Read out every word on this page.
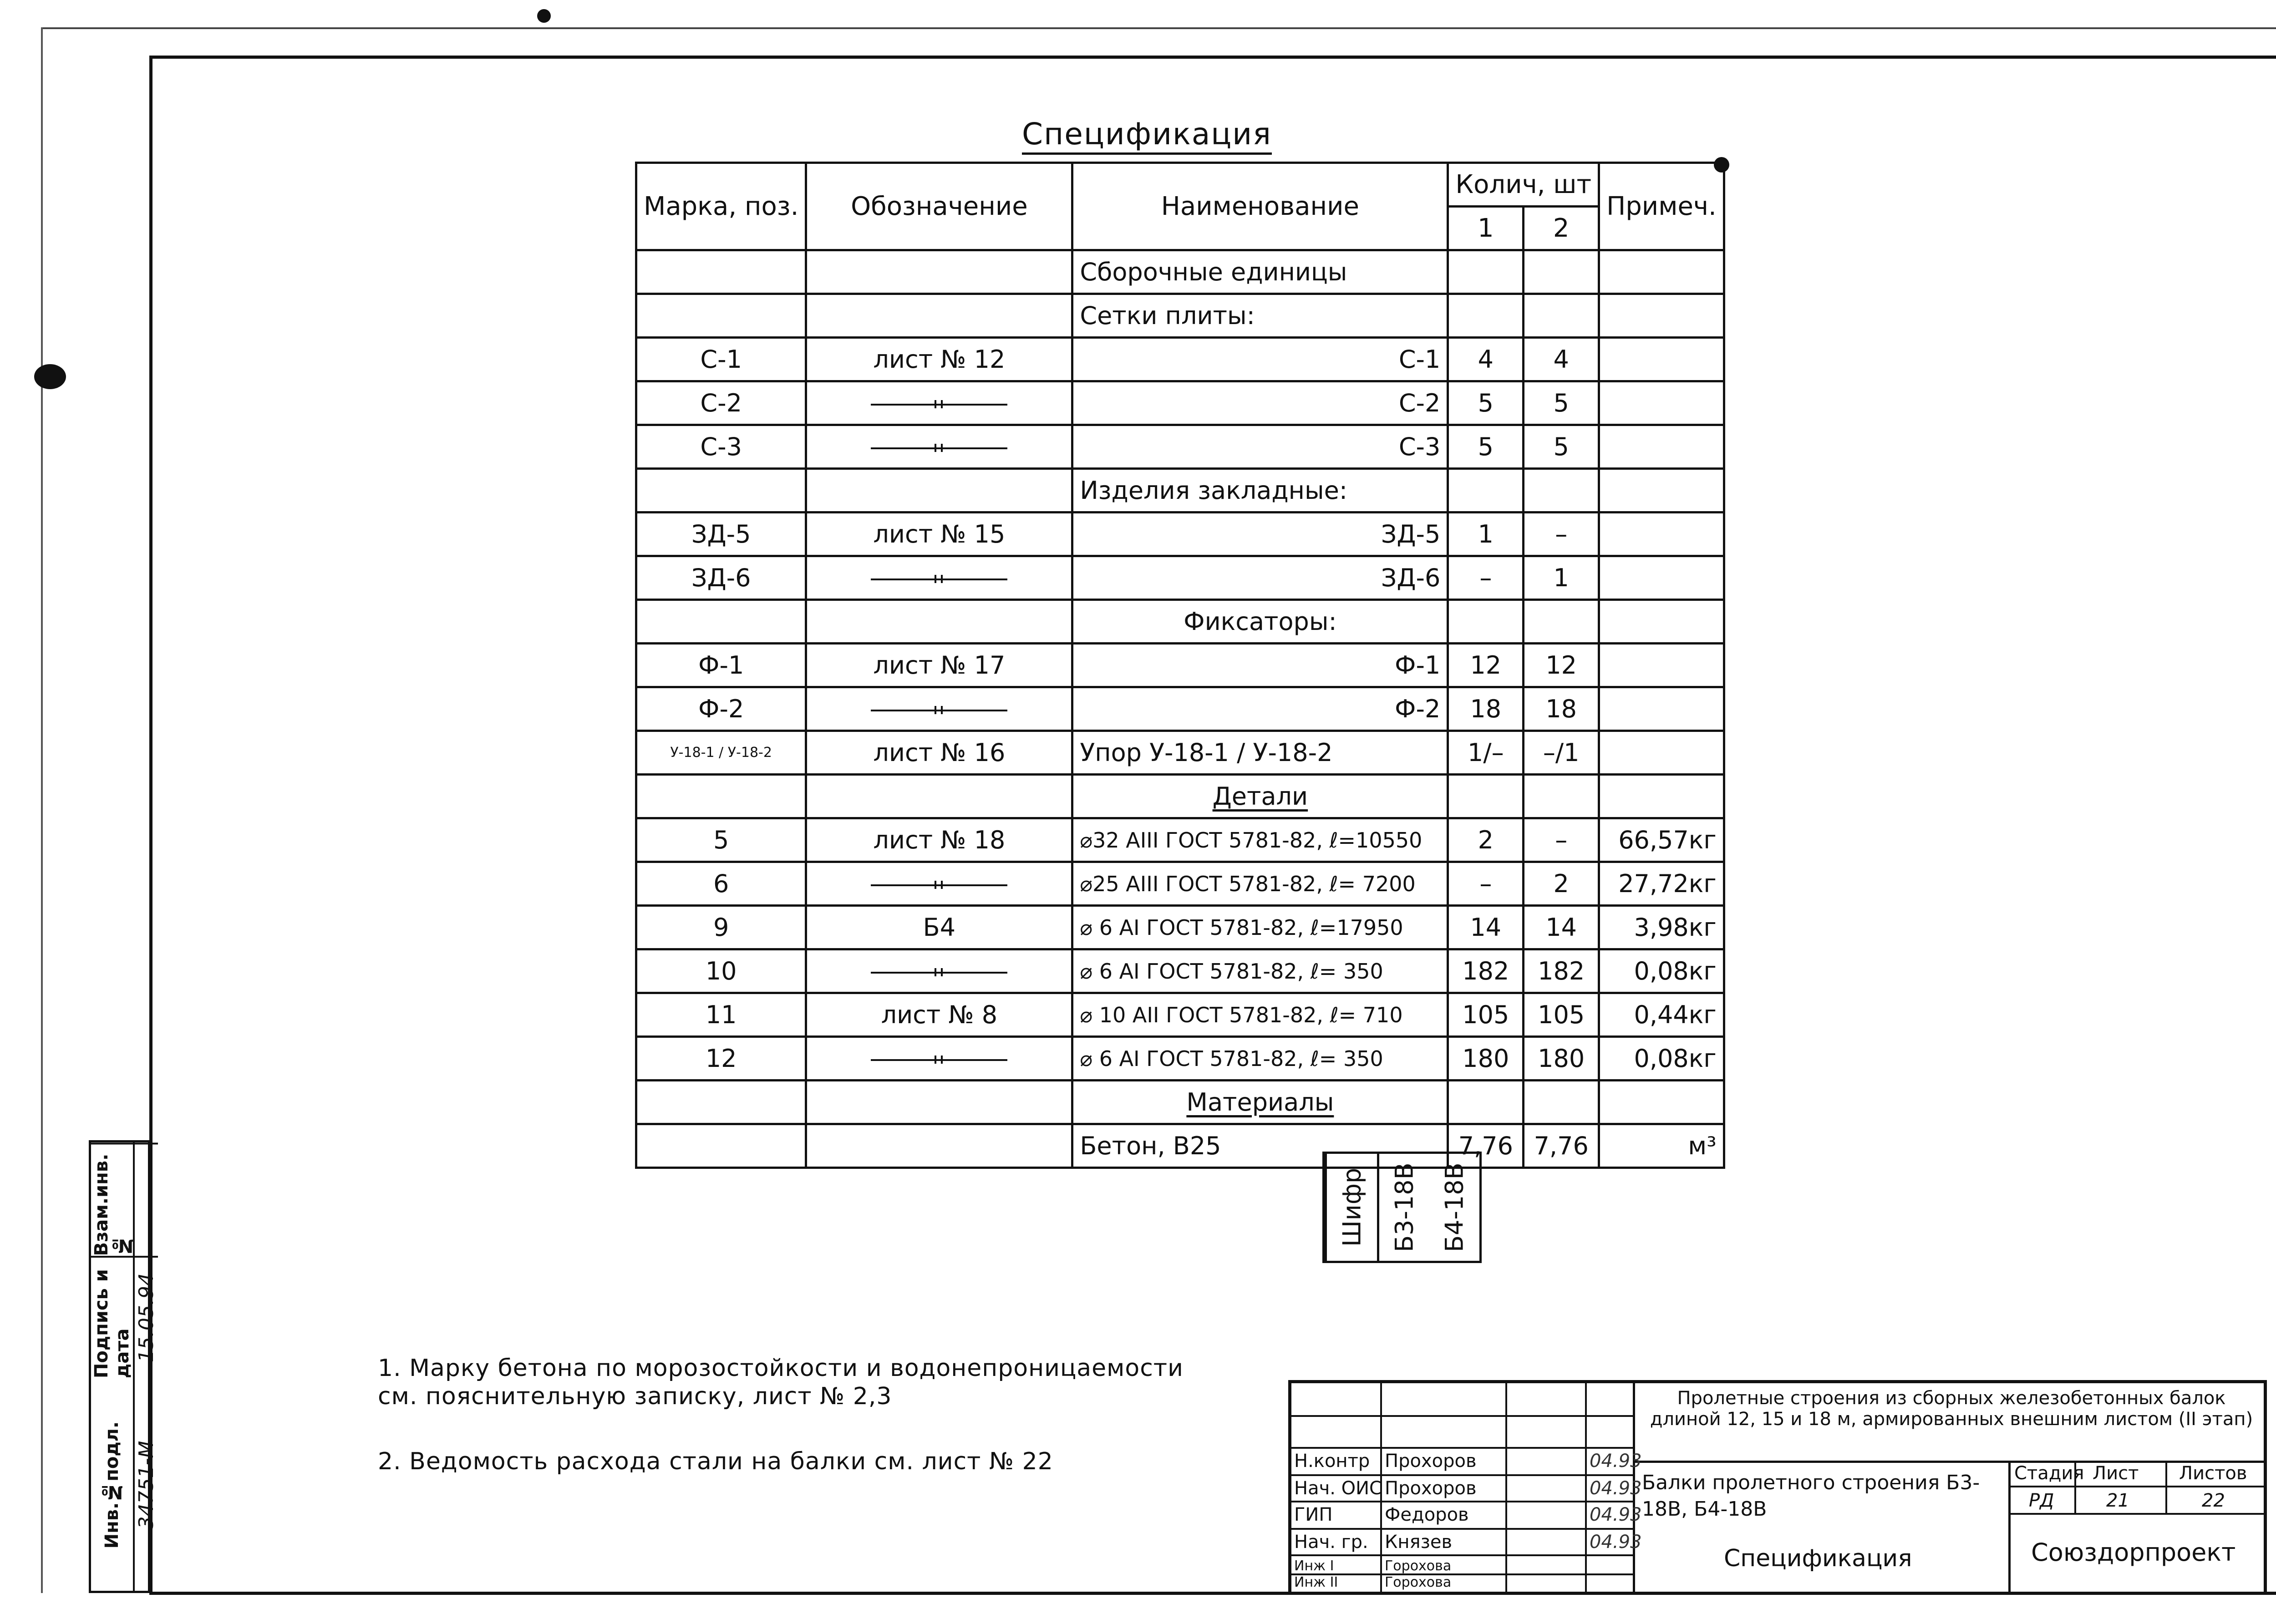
Спецификация
Марка, поз.	Обозначение	Наименование	Колич, шт		Примеч.
			1	2	
		Сборочные единицы			
		Сетки плиты:			
С-1	лист № 12	С-1	4	4	
С-2		С-2	5	5	
С-3		С-3	5	5	
		Изделия закладные:			
ЗД-5	лист № 15	ЗД-5	1	–	
ЗД-6		ЗД-6	–	1	
		Фиксаторы:			
Ф-1	лист № 17	Ф-1	12	12	
Ф-2		Ф-2	18	18	
У-18-1 / У-18-2	лист № 16	Упор У-18-1 / У-18-2	1/–	–/1	
		Детали			
5	лист № 18	⌀32 АIII ГОСТ 5781-82, ℓ=10550	2	–	66,57кг
6		⌀25 АIII ГОСТ 5781-82, ℓ= 7200	–	2	27,72кг
9	Б4	⌀ 6 АI ГОСТ 5781-82, ℓ=17950	14	14	3,98кг
10		⌀ 6 АI ГОСТ 5781-82, ℓ= 350	182	182	0,08кг
11	лист № 8	⌀ 10 АII ГОСТ 5781-82, ℓ= 710	105	105	0,44кг
12		⌀ 6 АI ГОСТ 5781-82, ℓ= 350	180	180	0,08кг
		Материалы			
		Бетон, В25	7,76	7,76	м³
Шифр Б3-18В Б4-18В
1. Марку бетона по морозостойкости и водонепроницаемости см. пояснительную записку, лист № 2,3
2. Ведомость расхода стали на балки см. лист № 22
Взам.инв.№
Подпись и дата
Инв.№подл.
15.05.94
34751-М	Н.контр Прохоров	04.93
Нач. ОИС Прохоров	04.93
ГИП	Федоров	04.93
Нач. гр. Князев	04.93
Инж I	Горохова
Инж II	Горохова
Пролетные строения из сборных железобетонных балок длиной 12, 15 и 18 м, армированных внешним листом (II этап)
Балки пролетного строения Б3-18В, Б4-18В
Спецификация
Стадия Лист Листов
РД	21	22
Союздорпроект
